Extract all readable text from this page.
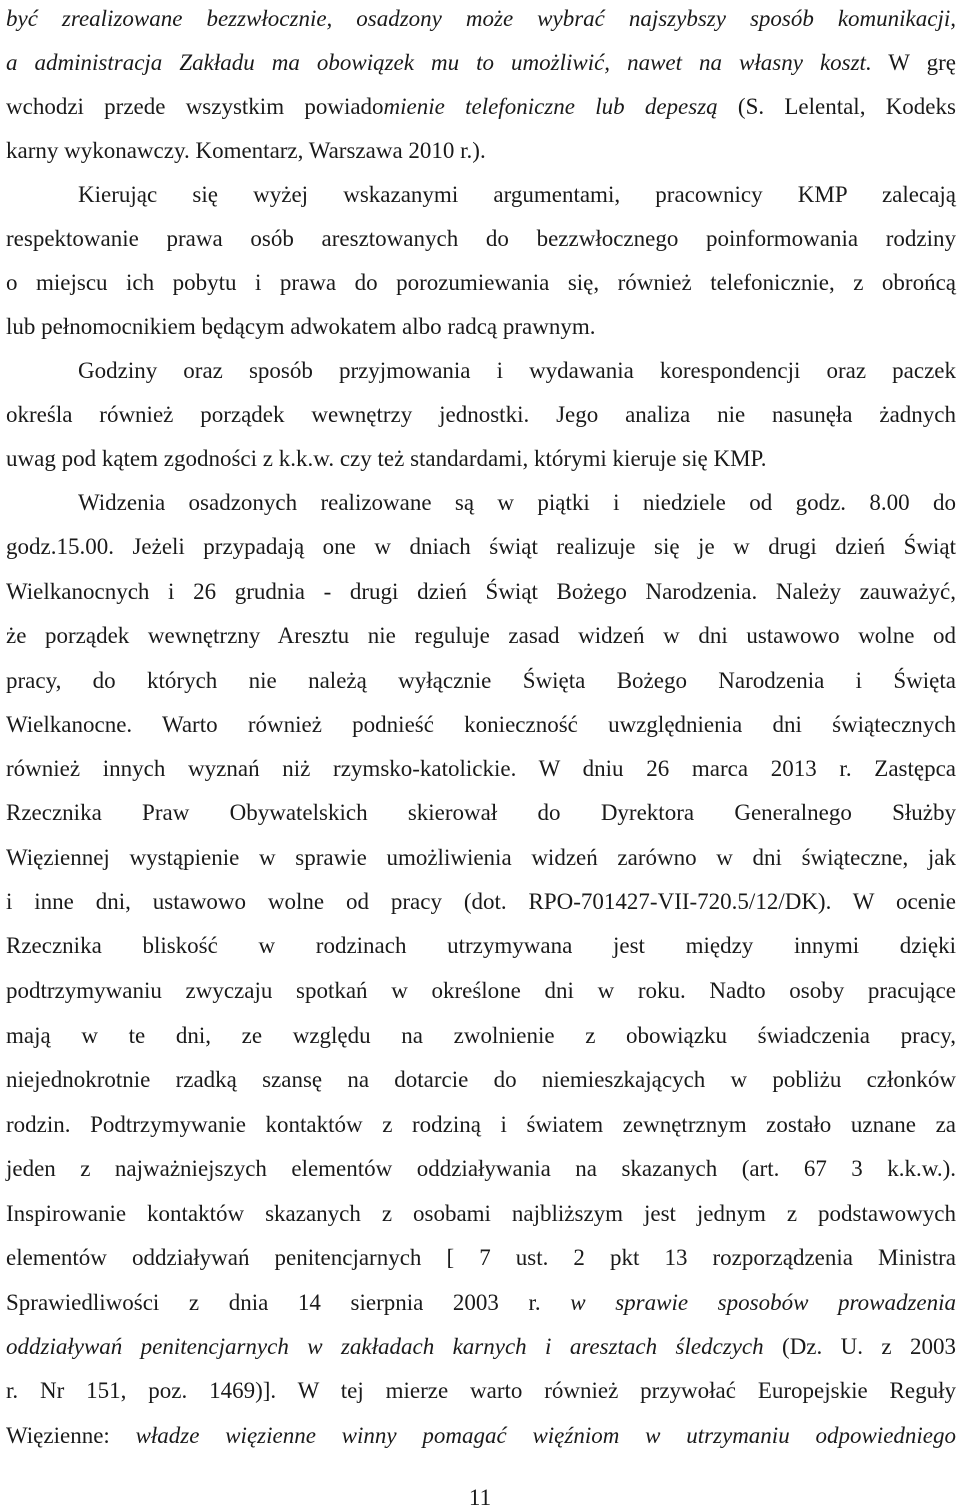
być zrealizowane bezzwłocznie, osadzony może wybrać najszybszy sposób komunikacji,
a administracja Zakładu ma obowiązek mu to umożliwić, nawet na własny koszt. W grę
wchodzi przede wszystkim powiadomienie telefoniczne lub depeszą (S. Lelental, Kodeks
karny wykonawczy. Komentarz, Warszawa 2010 r.).
Kierując się wyżej wskazanymi argumentami, pracownicy KMP zalecają
respektowanie prawa osób aresztowanych do bezzwłocznego poinformowania rodziny
o miejscu ich pobytu i prawa do porozumiewania się, również telefonicznie, z obrońcą
lub pełnomocnikiem będącym adwokatem albo radcą prawnym.
Godziny oraz sposób przyjmowania i wydawania korespondencji oraz paczek
określa również porządek wewnętrzy jednostki. Jego analiza nie nasunęła żadnych
uwag pod kątem zgodności z k.k.w. czy też standardami, którymi kieruje się KMP.
Widzenia osadzonych realizowane są w piątki i niedziele od godz. 8.00 do
godz.15.00. Jeżeli przypadają one w dniach świąt realizuje się je w drugi dzień Świąt
Wielkanocnych i 26 grudnia - drugi dzień Świąt Bożego Narodzenia. Należy zauważyć,
że porządek wewnętrzny Aresztu nie reguluje zasad widzeń w dni ustawowo wolne od
pracy, do których nie należą wyłącznie Święta Bożego Narodzenia i Święta
Wielkanocne. Warto również podnieść konieczność uwzględnienia dni świątecznych
również innych wyznań niż rzymsko-katolickie. W dniu 26 marca 2013 r. Zastępca
Rzecznika Praw Obywatelskich skierował do Dyrektora Generalnego Służby
Więziennej wystąpienie w sprawie umożliwienia widzeń zarówno w dni świąteczne, jak
i inne dni, ustawowo wolne od pracy (dot. RPO-701427-VII-720.5/12/DK). W ocenie
Rzecznika bliskość w rodzinach utrzymywana jest między innymi dzięki
podtrzymywaniu zwyczaju spotkań w określone dni w roku. Nadto osoby pracujące
mają w te dni, ze względu na zwolnienie z obowiązku świadczenia pracy,
niejednokrotnie rzadką szansę na dotarcie do niemieszkających w pobliżu członków
rodzin. Podtrzymywanie kontaktów z rodziną i światem zewnętrznym zostało uznane za
jeden z najważniejszych elementów oddziaływania na skazanych (art. 67 3 k.k.w.).
Inspirowanie kontaktów skazanych z osobami najbliższym jest jednym z podstawowych
elementów oddziaływań penitencjarnych [ 7 ust. 2 pkt 13 rozporządzenia Ministra
Sprawiedliwości z dnia 14 sierpnia 2003 r. w sprawie sposobów prowadzenia
oddziaływań penitencjarnych w zakładach karnych i aresztach śledczych (Dz. U. z 2003
r. Nr 151, poz. 1469)]. W tej mierze warto również przywołać Europejskie Reguły
Więzienne: władze więzienne winny pomagać więźniom w utrzymaniu odpowiedniego
11
